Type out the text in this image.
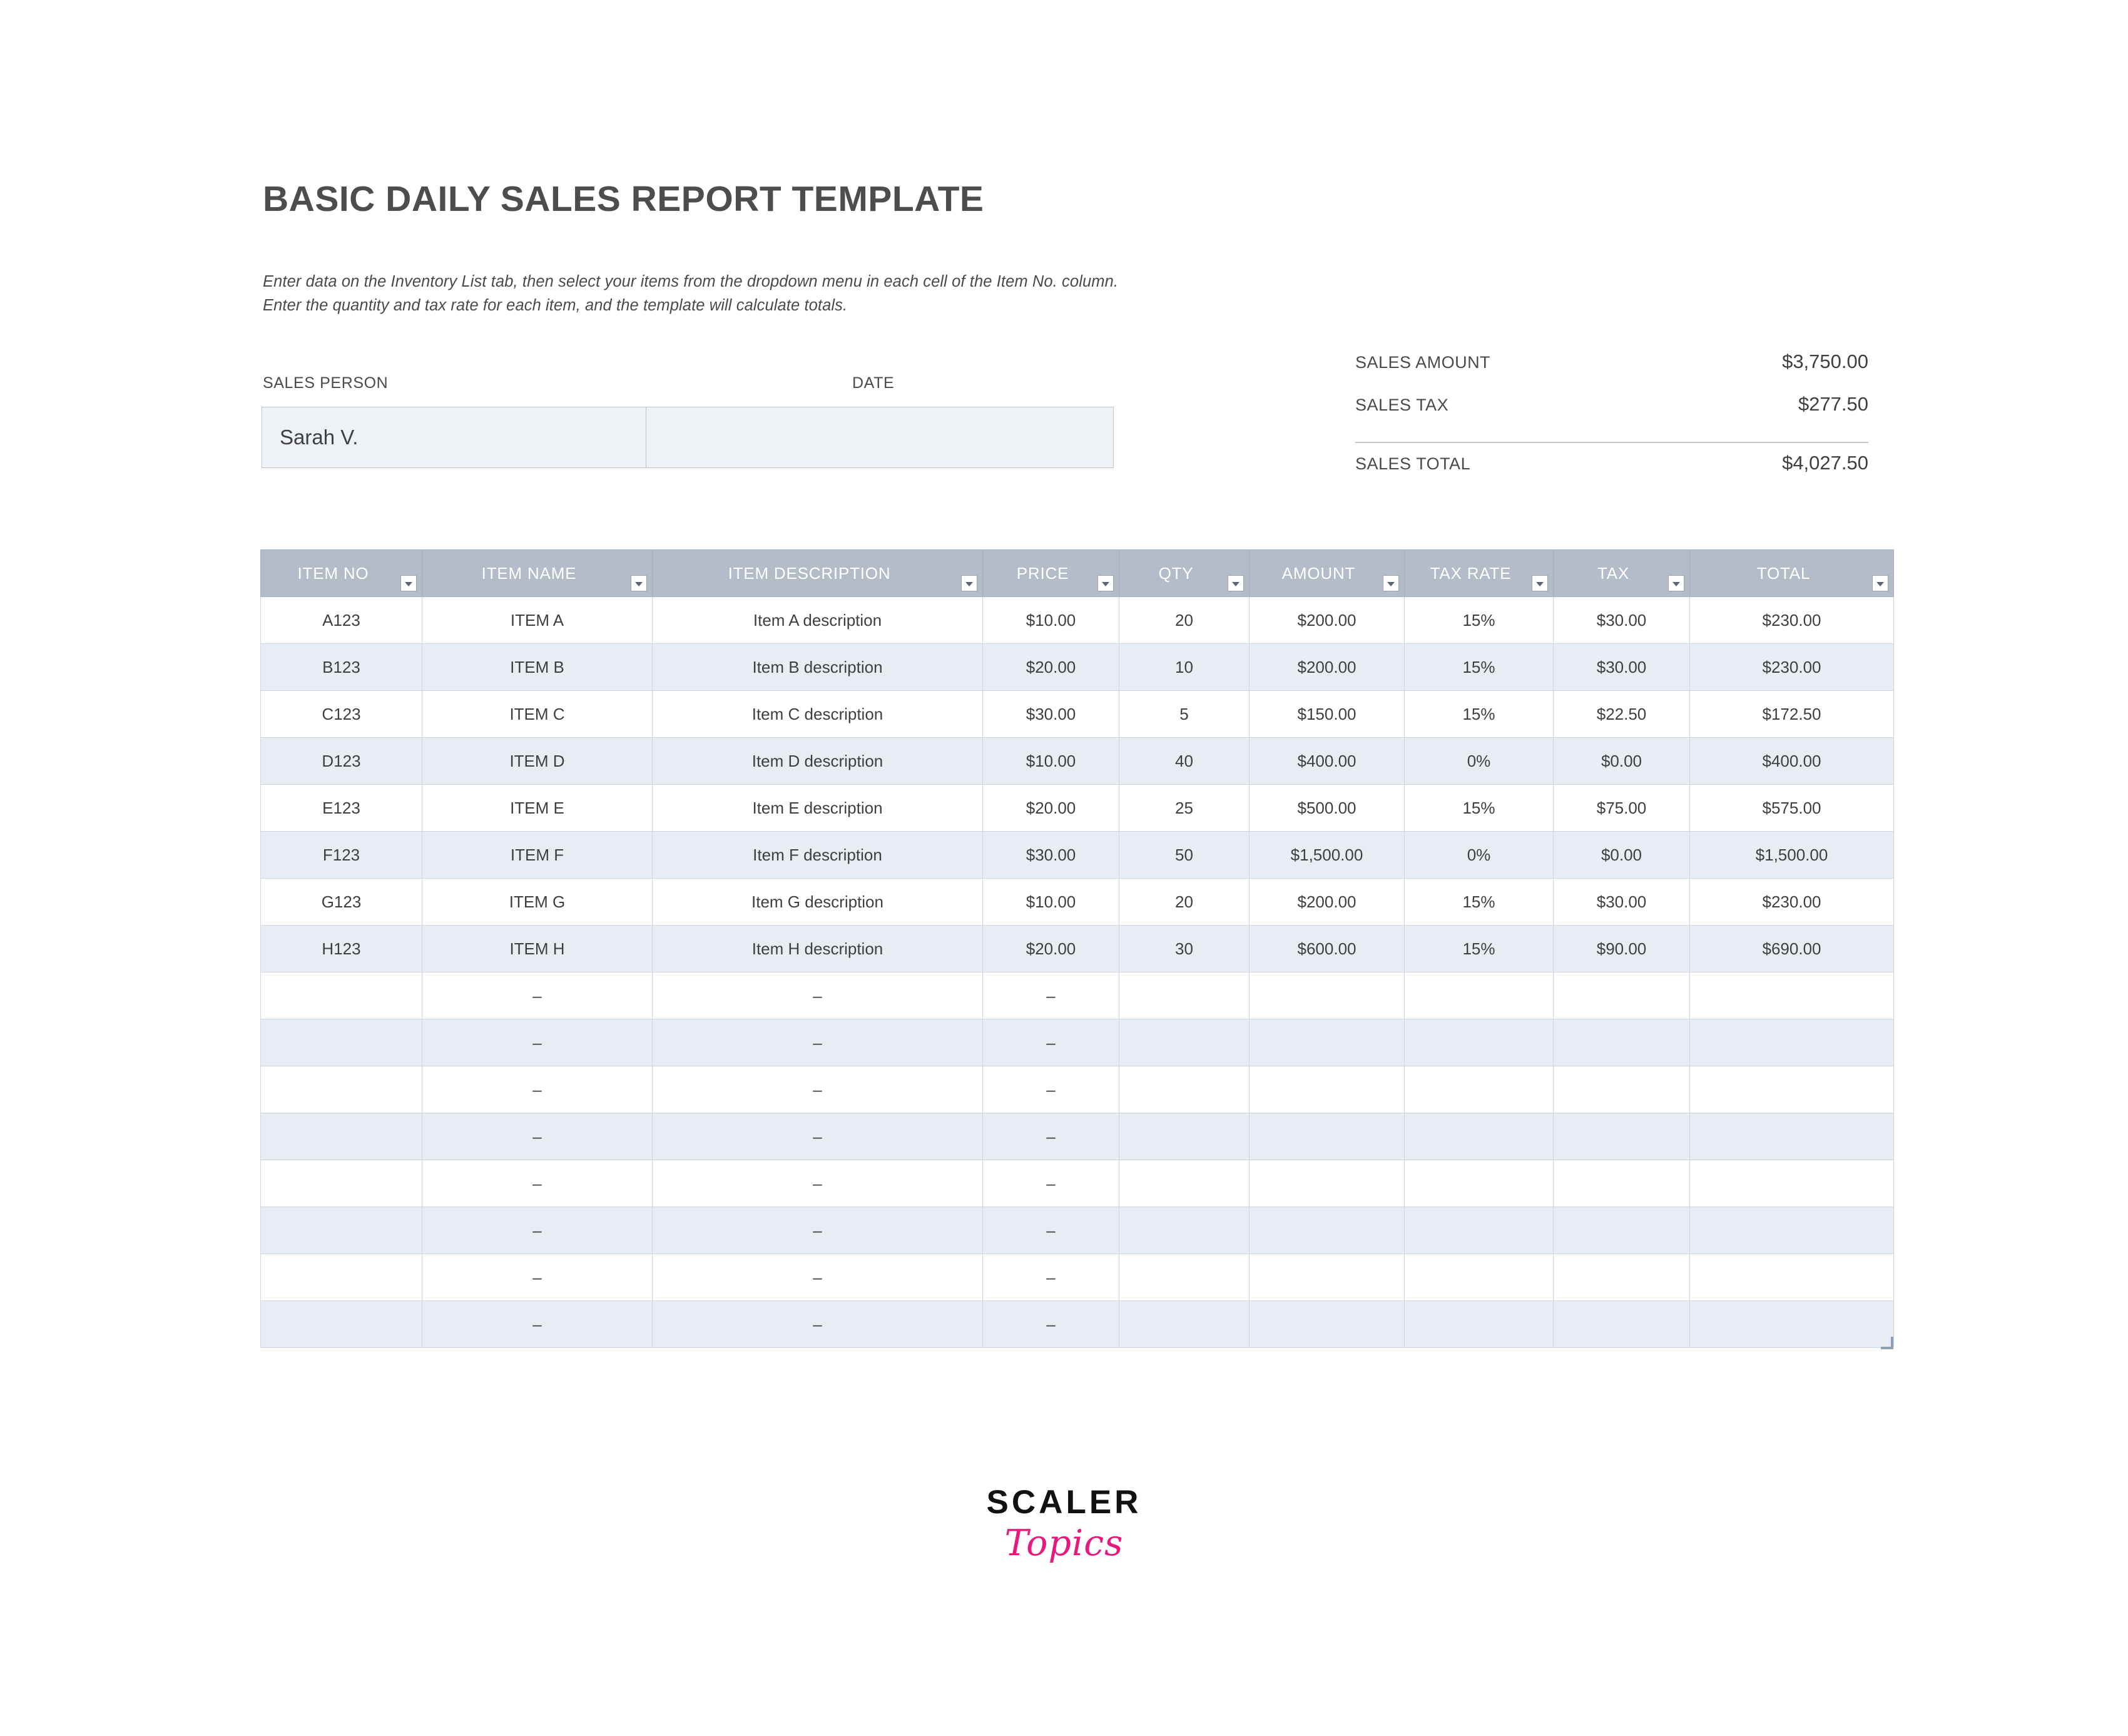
BASIC DAILY SALES REPORT TEMPLATE
Enter data on the Inventory List tab, then select your items from the dropdown menu in each cell of the Item No. column.
Enter the quantity and tax rate for each item, and the template will calculate totals.
SALES PERSON	DATE
Sarah V.
SALES AMOUNT	$3,750.00
SALES TAX	$277.50
SALES TOTAL	$4,027.50
ITEM NO	ITEM NAME	ITEM DESCRIPTION	PRICE	QTY	AMOUNT	TAX RATE	TAX	TOTAL

A123	ITEM A	Item A description	$10.00	20	$200.00	15%	$30.00	$230.00
B123	ITEM B	Item B description	$20.00	10	$200.00	15%	$30.00	$230.00
C123	ITEM C	Item C description	$30.00	5	$150.00	15%	$22.50	$172.50
D123	ITEM D	Item D description	$10.00	40	$400.00	0%	$0.00	$400.00
E123	ITEM E	Item E description	$20.00	25	$500.00	15%	$75.00	$575.00
F123	ITEM F	Item F description	$30.00	50	$1,500.00	0%	$0.00	$1,500.00
G123	ITEM G	Item G description	$10.00	20	$200.00	15%	$30.00	$230.00
H123	ITEM H	Item H description	$20.00	30	$600.00	15%	$90.00	$690.00
	–	–	–					
	–	–	–					
	–	–	–					
	–	–	–					
	–	–	–					
	–	–	–					
	–	–	–					
	–	–	–					
SCALER
Topics
